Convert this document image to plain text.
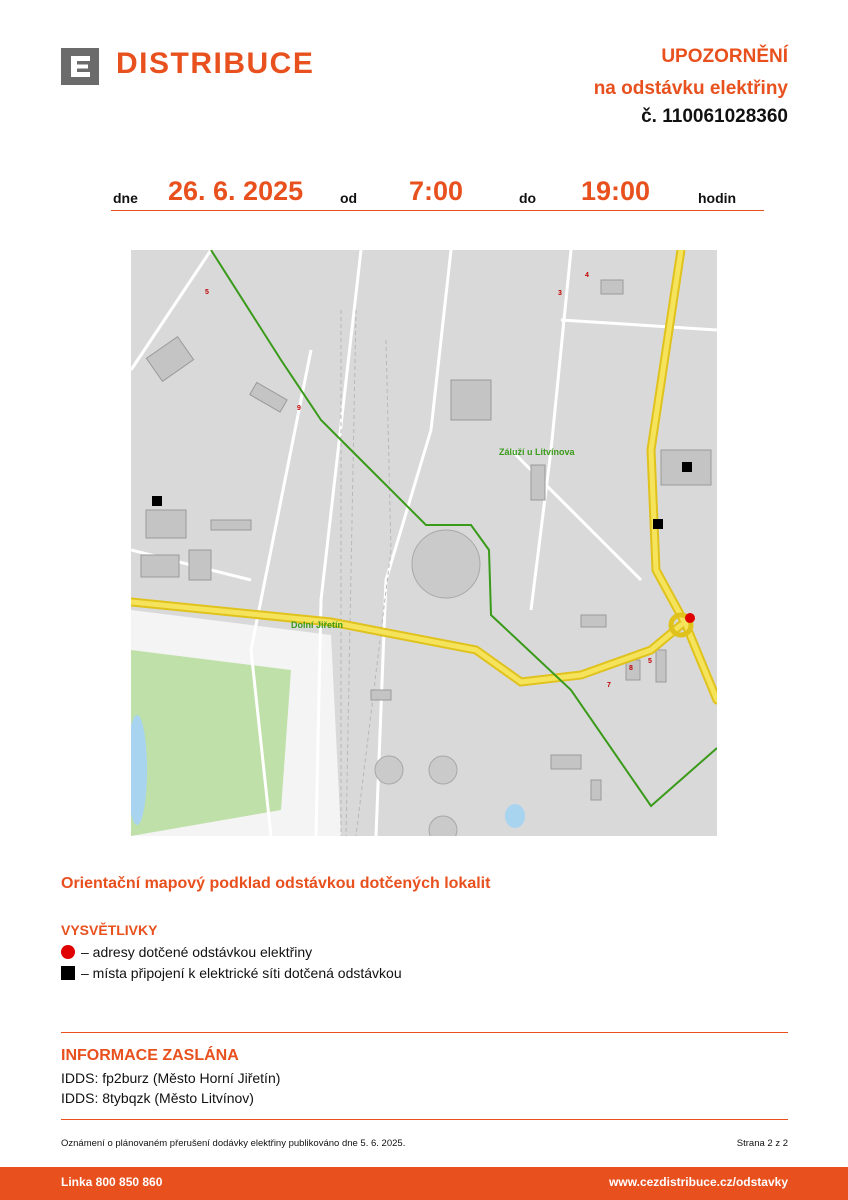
DISTRIBUCE	UPOZORNĚNÍ
na odstávku elektřiny
č. 110061028360
dne 26. 6. 2025	od 7:00	do 19:00	hodin
Záluží u Litvínova
Dolní Jiřetín
5
9
3
4
8
5
7
Orientační mapový podklad odstávkou dotčených lokalit
VYSVĚTLIVKY
– adresy dotčené odstávkou elektřiny
– místa připojení k elektrické síti dotčená odstávkou
INFORMACE ZASLÁNA
IDDS: fp2burz (Město Horní Jiřetín)
IDDS: 8tybqzk (Město Litvínov)
Oznámení o plánovaném přerušení dodávky elektřiny publikováno dne 5. 6. 2025.	Strana 2 z 2
Linka 800 850 860	www.cezdistribuce.cz/odstavky
